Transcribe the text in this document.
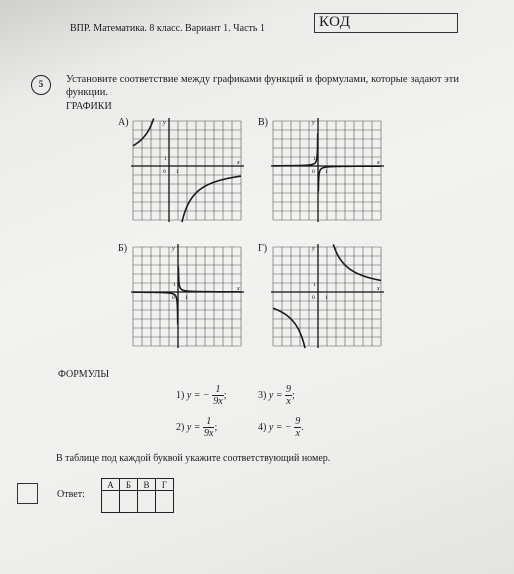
ВПР. Математика. 8 класс. Вариант 1. Часть 1	КОД
5	Установите соответствие между графиками функций и формулами, которые задают эти функции.
ГРАФИКИ
А)	В)
Б)	Г)
x
y
0 1
1
x
y
0 1
1
x
y
0 1
1
x
y
0 1
1
ФОРМУЛЫ
1) y = − $\frac{1}{9x}$ ;
2) $y = \frac{1}{9x}$ ;
3) $y = \frac{9}{x}$ ;
4) y = − $\frac{9}{x}$ .
В таблице под каждой буквой укажите соответствующий номер.
Ответ:
А	Б	В	Г
